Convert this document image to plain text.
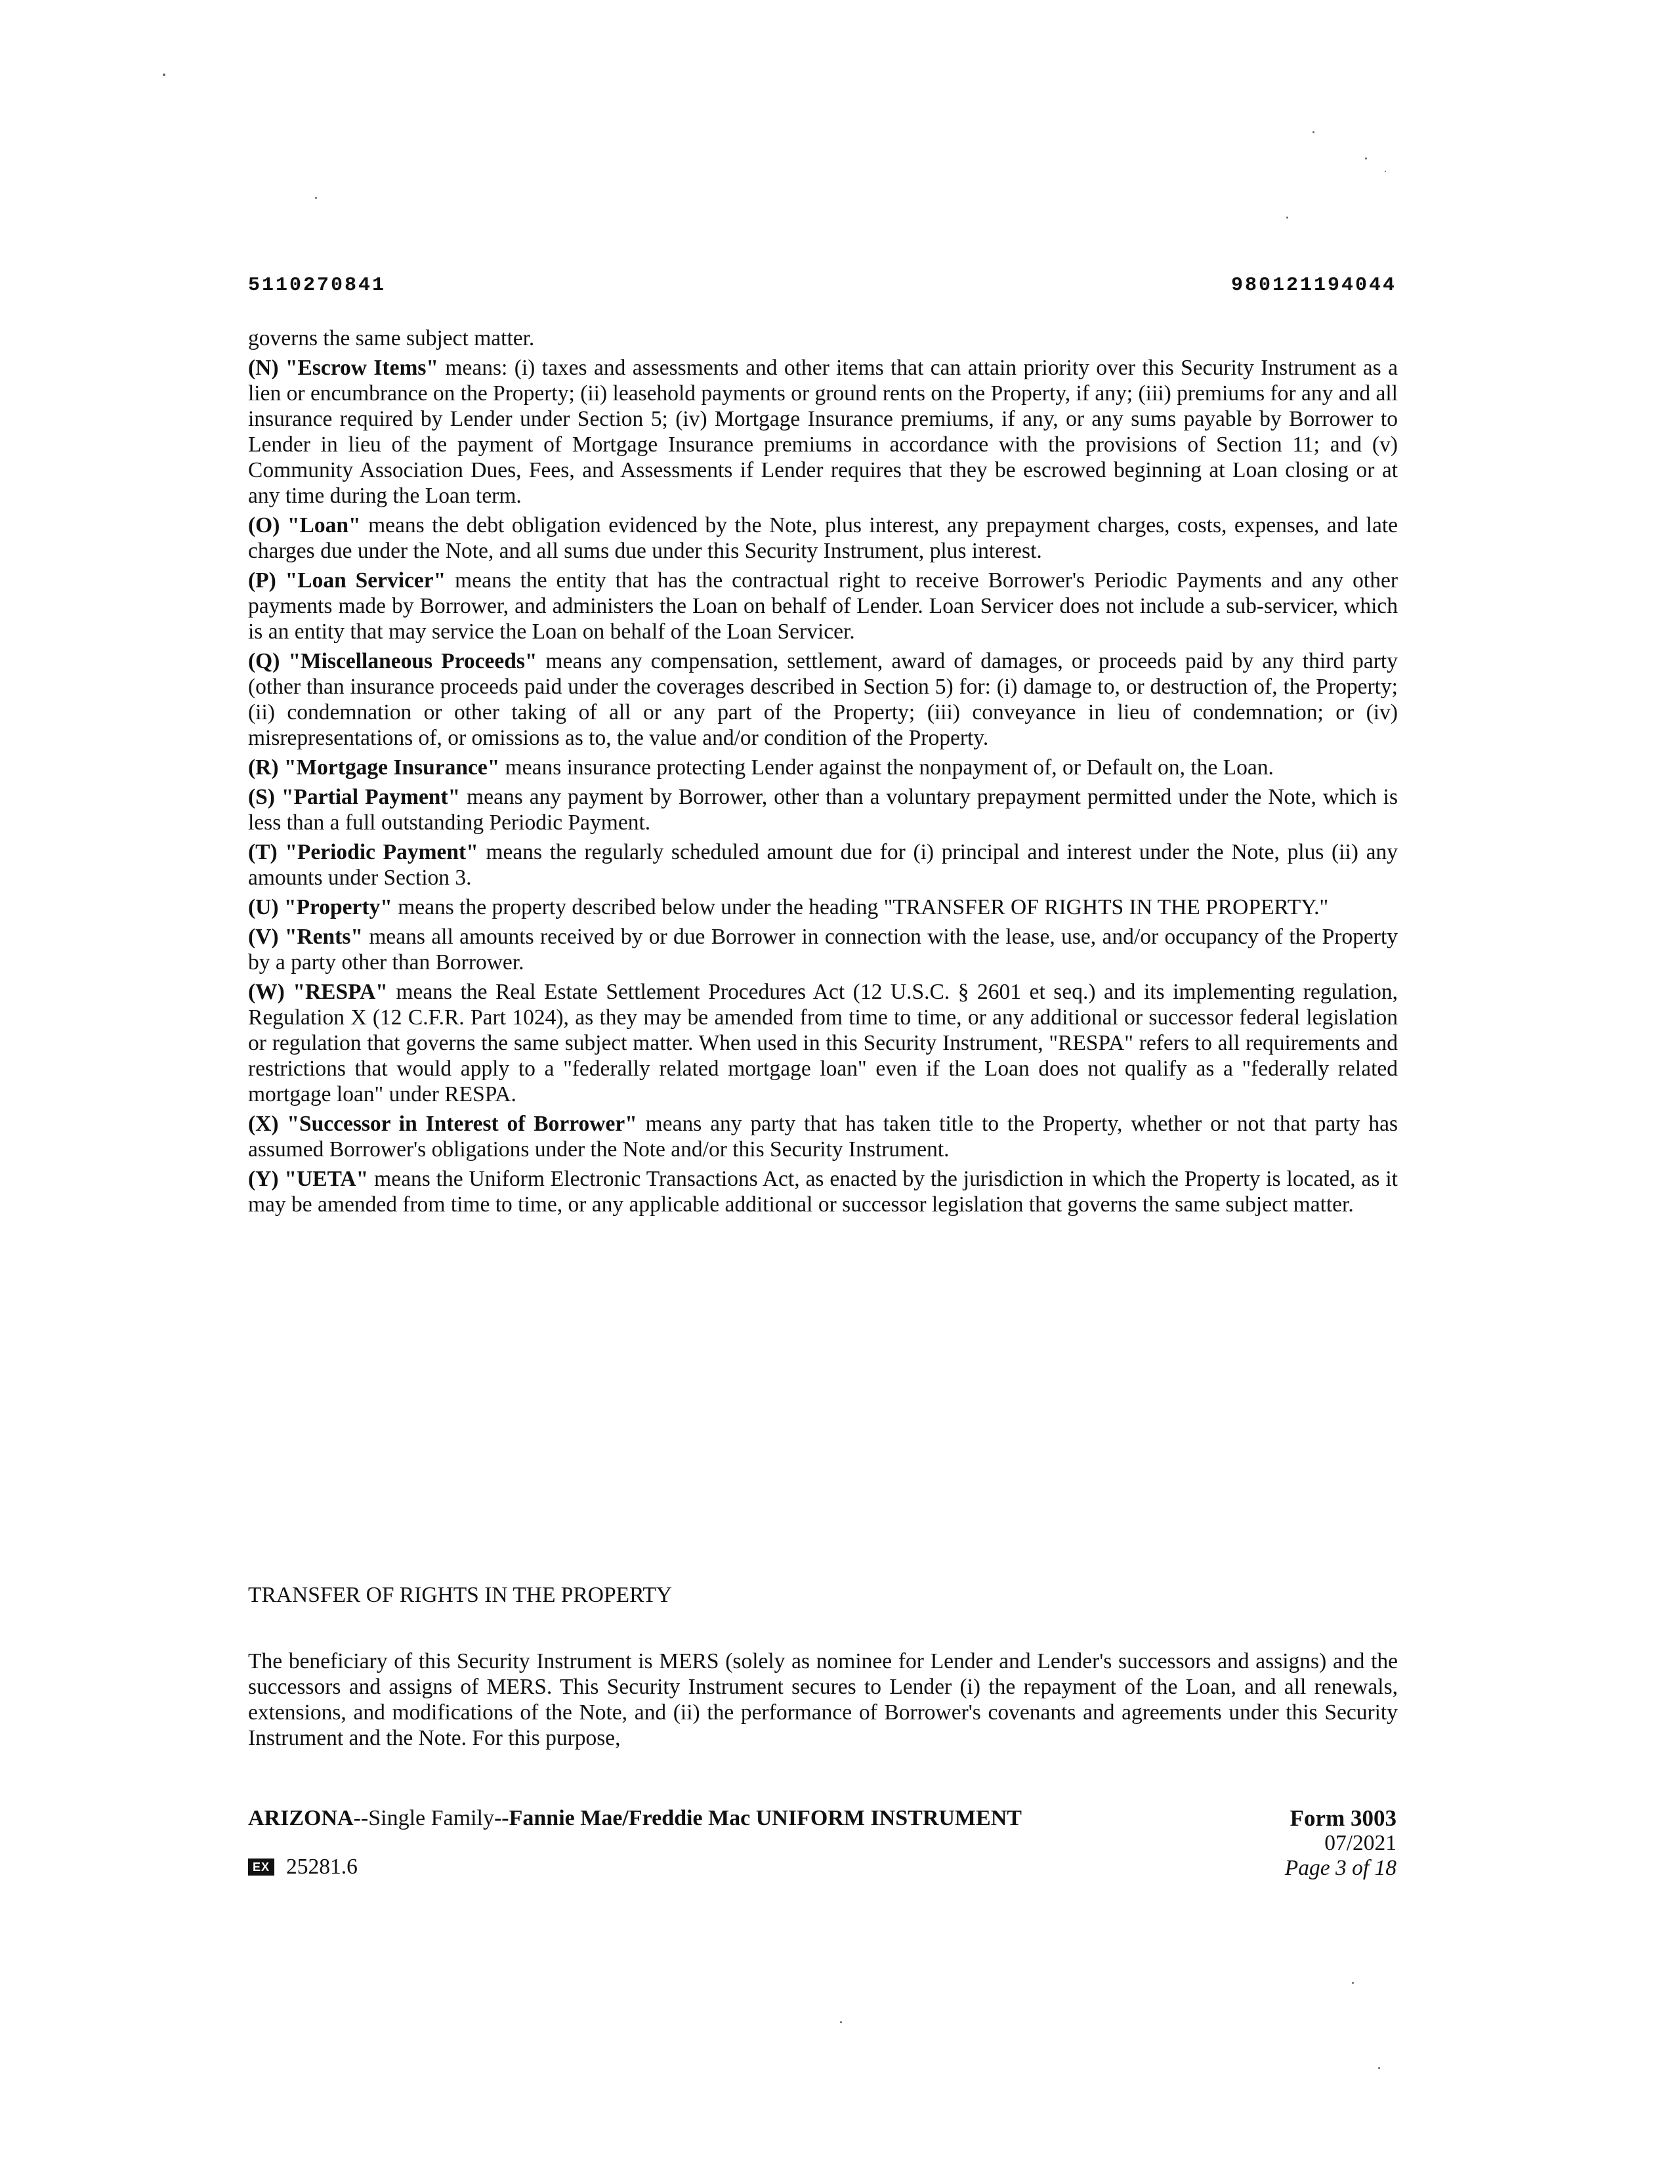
5110270841	980121194044

governs the same subject matter.

(N) "Escrow Items" means: (i) taxes and assessments and other items that can attain priority over this Security Instrument as a lien or encumbrance on the Property; (ii) leasehold payments or ground rents on the Property, if any; (iii) premiums for any and all insurance required by Lender under Section 5; (iv) Mortgage Insurance premiums, if any, or any sums payable by Borrower to Lender in lieu of the payment of Mortgage Insurance premiums in accordance with the provisions of Section 11; and (v) Community Association Dues, Fees, and Assessments if Lender requires that they be escrowed beginning at Loan closing or at any time during the Loan term.

(O) "Loan" means the debt obligation evidenced by the Note, plus interest, any prepayment charges, costs, expenses, and late charges due under the Note, and all sums due under this Security Instrument, plus interest.

(P) "Loan Servicer" means the entity that has the contractual right to receive Borrower's Periodic Payments and any other payments made by Borrower, and administers the Loan on behalf of Lender. Loan Servicer does not include a sub-servicer, which is an entity that may service the Loan on behalf of the Loan Servicer.

(Q) "Miscellaneous Proceeds" means any compensation, settlement, award of damages, or proceeds paid by any third party (other than insurance proceeds paid under the coverages described in Section 5) for: (i) damage to, or destruction of, the Property; (ii) condemnation or other taking of all or any part of the Property; (iii) conveyance in lieu of condemnation; or (iv) misrepresentations of, or omissions as to, the value and/or condition of the Property.

(R) "Mortgage Insurance" means insurance protecting Lender against the nonpayment of, or Default on, the Loan.

(S) "Partial Payment" means any payment by Borrower, other than a voluntary prepayment permitted under the Note, which is less than a full outstanding Periodic Payment.

(T) "Periodic Payment" means the regularly scheduled amount due for (i) principal and interest under the Note, plus (ii) any amounts under Section 3.

(U) "Property" means the property described below under the heading "TRANSFER OF RIGHTS IN THE PROPERTY."

(V) "Rents" means all amounts received by or due Borrower in connection with the lease, use, and/or occupancy of the Property by a party other than Borrower.

(W) "RESPA" means the Real Estate Settlement Procedures Act (12 U.S.C. § 2601 et seq.) and its implementing regulation, Regulation X (12 C.F.R. Part 1024), as they may be amended from time to time, or any additional or successor federal legislation or regulation that governs the same subject matter. When used in this Security Instrument, "RESPA" refers to all requirements and restrictions that would apply to a "federally related mortgage loan" even if the Loan does not qualify as a "federally related mortgage loan" under RESPA.

(X) "Successor in Interest of Borrower" means any party that has taken title to the Property, whether or not that party has assumed Borrower's obligations under the Note and/or this Security Instrument.

(Y) "UETA" means the Uniform Electronic Transactions Act, as enacted by the jurisdiction in which the Property is located, as it may be amended from time to time, or any applicable additional or successor legislation that governs the same subject matter.

TRANSFER OF RIGHTS IN THE PROPERTY

The beneficiary of this Security Instrument is MERS (solely as nominee for Lender and Lender's successors and assigns) and the successors and assigns of MERS. This Security Instrument secures to Lender (i) the repayment of the Loan, and all renewals, extensions, and modifications of the Note, and (ii) the performance of Borrower's covenants and agreements under this Security Instrument and the Note. For this purpose,

ARIZONA--Single Family--Fannie Mae/Freddie Mac UNIFORM INSTRUMENT	Form 3003
07/2021
Page 3 of 18
EX 25281.6
